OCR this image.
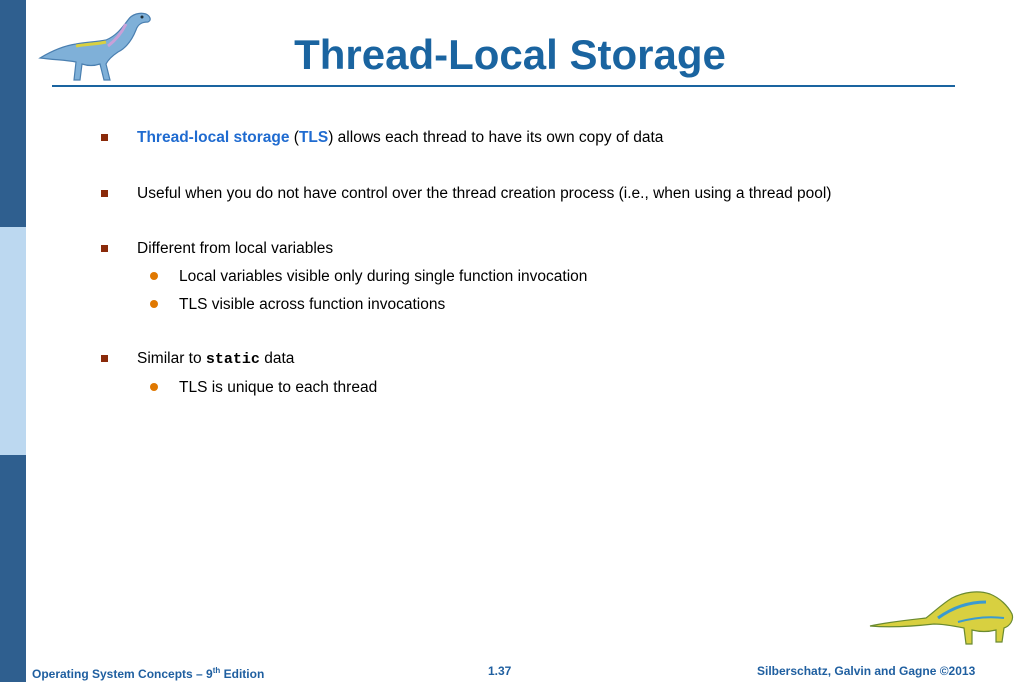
Thread-Local Storage
Thread-local storage (TLS) allows each thread to have its own copy of data
Useful when you do not have control over the thread creation process (i.e., when using a thread pool)
Different from local variables
Local variables visible only during single function invocation
TLS visible across function invocations
Similar to static data
TLS is unique to each thread
Operating System Concepts – 9th Edition	1.37	Silberschatz, Galvin and Gagne ©2013
